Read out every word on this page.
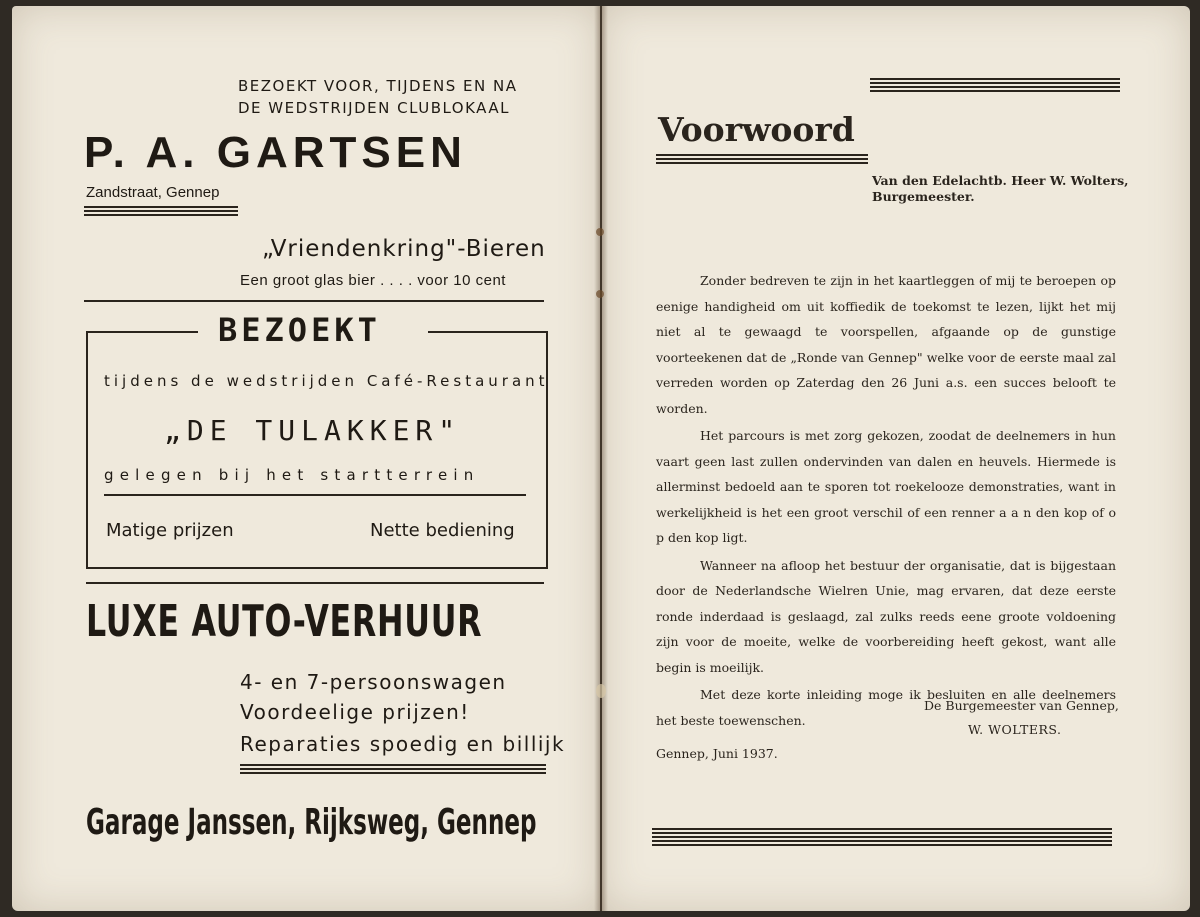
BEZOEKT VOOR, TIJDENS EN NA
DE WEDSTRIJDEN CLUBLOKAAL
P. A. GARTSEN
Zandstraat, Gennep
„Vriendenkring"-Bieren
Een groot glas bier . . . . voor 10 cent
BEZOEKT
tijdens de wedstrijden Café-Restaurant
„DE TULAKKER"
gelegen bij het startterrein
Matige prijzen	Nette bediening
LUXE AUTO-VERHUUR
4- en 7-persoonswagen
Voordeelige prijzen!
Reparaties spoedig en billijk
Garage Janssen, Rijksweg, Gennep
Voorwoord
Van den Edelachtb. Heer W. Wolters,
Burgemeester.

Zonder bedreven te zijn in het kaartleggen of mij te beroepen op eenige handigheid om uit koffiedik de toekomst te lezen, lijkt het mij niet al te gewaagd te voorspellen, afgaande op de gunstige voorteekenen dat de „Ronde van Gennep" welke voor de eerste maal zal verreden worden op Zaterdag den 26 Juni a.s. een succes belooft te worden.

Het parcours is met zorg gekozen, zoodat de deelnemers in hun vaart geen last zullen ondervinden van dalen en heuvels. Hiermede is allerminst bedoeld aan te sporen tot roekelooze demonstraties, want in werkelijkheid is het een groot verschil of een renner a a n den kop of o p den kop ligt.

Wanneer na afloop het bestuur der organisatie, dat is bijgestaan door de Nederlandsche Wielren Unie, mag ervaren, dat deze eerste ronde inderdaad is geslaagd, zal zulks reeds eene groote voldoening zijn voor de moeite, welke de voorbereiding heeft gekost, want alle begin is moeilijk.

Met deze korte inleiding moge ik besluiten en alle deelnemers het beste toewenschen.

De Burgemeester van Gennep,
W. WOLTERS.
Gennep, Juni 1937.
